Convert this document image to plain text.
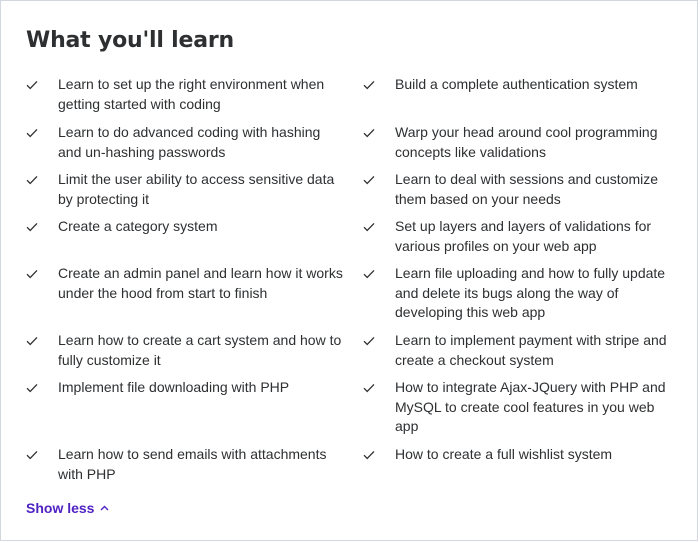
What you'll learn
Learn to set up the right environment when getting started with coding
Learn to do advanced coding with hashing and un-hashing passwords
Limit the user ability to access sensitive data by protecting it
Create a category system
Create an admin panel and learn how it works under the hood from start to finish
Learn how to create a cart system and how to fully customize it
Implement file downloading with PHP
Learn how to send emails with attachments with PHP
Build a complete authentication system
Warp your head around cool programming concepts like validations
Learn to deal with sessions and customize them based on your needs
Set up layers and layers of validations for various profiles on your web app
Learn file uploading and how to fully update and delete its bugs along the way of developing this web app
Learn to implement payment with stripe and create a checkout system
How to integrate Ajax-JQuery with PHP and MySQL to create cool features in you web app
How to create a full wishlist system
Show less
